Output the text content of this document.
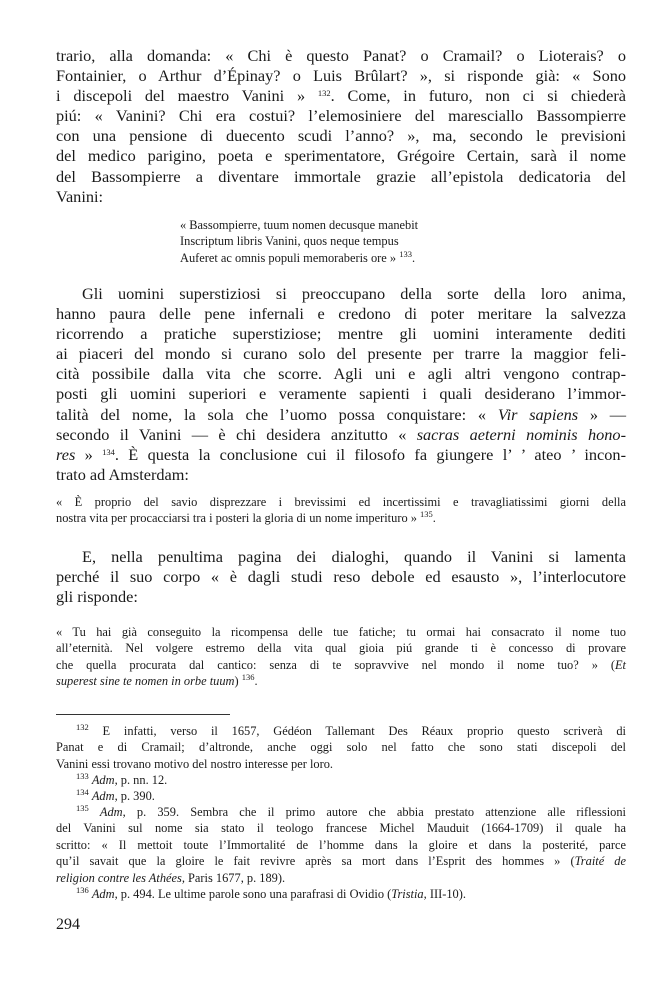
trario, alla domanda: « Chi è questo Panat? o Cramail? o Lioterais? o
Fontainier, o Arthur d’Épinay? o Luis Brûlart? », si risponde già: « Sono
i discepoli del maestro Vanini » $^{132}$. Come, in futuro, non ci si chiederà
piú: « Vanini? Chi era costui? l’elemosiniere del maresciallo Bassompierre
con una pensione di duecento scudi l’anno? », ma, secondo le previsioni
del medico parigino, poeta e sperimentatore, Grégoire Certain, sarà il nome
del Bassompierre a diventare immortale grazie all’epistola dedicatoria del
Vanini:
« Bassompierre, tuum nomen decusque manebit
Inscriptum libris Vanini, quos neque tempus
Auferet ac omnis populi memoraberis ore » $^{133}$.
Gli uomini superstiziosi si preoccupano della sorte della loro anima,
hanno paura delle pene infernali e credono di poter meritare la salvezza
ricorrendo a pratiche superstiziose; mentre gli uomini interamente dediti
ai piaceri del mondo si curano solo del presente per trarre la maggior feli-
cità possibile dalla vita che scorre. Agli uni e agli altri vengono contrap-
posti gli uomini superiori e veramente sapienti i quali desiderano l’immor-
talità del nome, la sola che l’uomo possa conquistare: « Vir sapiens » —
secondo il Vanini — è chi desidera anzitutto « sacras aeterni nominis hono-
res » $^{134}$. È questa la conclusione cui il filosofo fa giungere l’ ’ ateo ’ incon-
trato ad Amsterdam:
« È proprio del savio disprezzare i brevissimi ed incertissimi e travagliatissimi giorni della
nostra vita per procacciarsi tra i posteri la gloria di un nome imperituro » $^{135}$.
E, nella penultima pagina dei dialoghi, quando il Vanini si lamenta
perché il suo corpo « è dagli studi reso debole ed esausto », l’interlocutore
gli risponde:
« Tu hai già conseguito la ricompensa delle tue fatiche; tu ormai hai consacrato il nome tuo
all’eternità. Nel volgere estremo della vita qual gioia piú grande ti è concesso di provare
che quella procurata dal cantico: senza di te sopravvive nel mondo il nome tuo? » (Et
superest sine te nomen in orbe tuum) $^{136}$.
$^{132}$ E infatti, verso il 1657, Gédéon Tallemant Des Réaux proprio questo scriverà di
Panat e di Cramail; d’altronde, anche oggi solo nel fatto che sono stati discepoli del
Vanini essi trovano motivo del nostro interesse per loro.
$^{133}$ Adm, p. nn. 12.
$^{134}$ Adm, p. 390.
$^{135}$ Adm, p. 359. Sembra che il primo autore che abbia prestato attenzione alle riflessioni
del Vanini sul nome sia stato il teologo francese Michel Mauduit (1664-1709) il quale ha
scritto: « Il mettoit toute l’Immortalité de l’homme dans la gloire et dans la posterité, parce
qu’il savait que la gloire le fait revivre après sa mort dans l’Esprit des hommes » (Traité de
religion contre les Athées, Paris 1677, p. 189).
$^{136}$ Adm, p. 494. Le ultime parole sono una parafrasi di Ovidio (Tristia, III-10).
294
